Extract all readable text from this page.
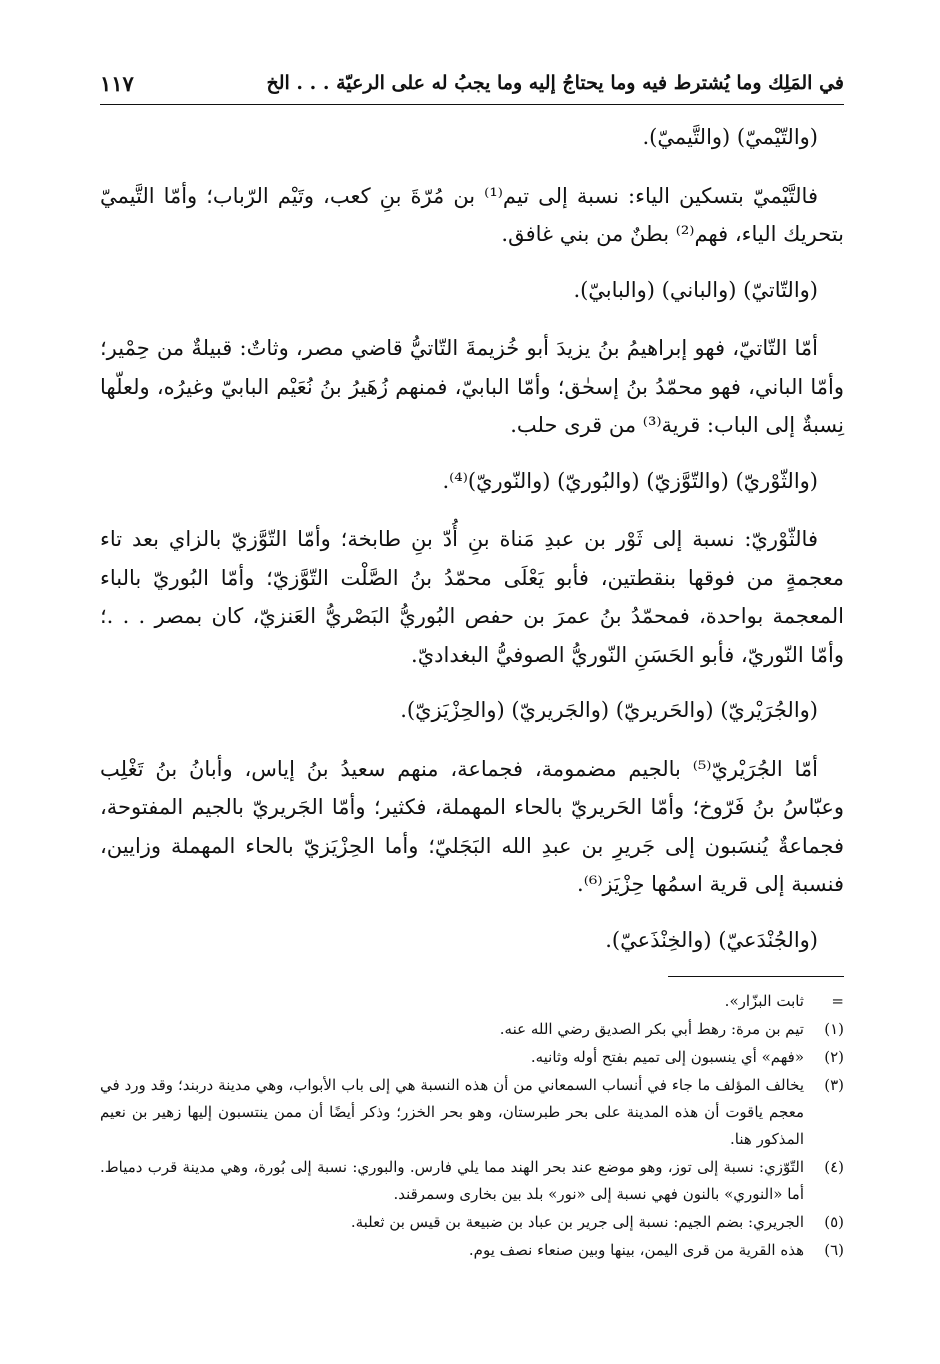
في المَلِك وما يُشترط فيه وما يحتاجُ إليه وما يجبُ له على الرعيّة . . . الخ
١١٧

(والتّيْميّ) (والتَّيميّ).

فالتَّيْميّ بتسكين الياء: نسبة إلى تيم⁽¹⁾ بن مُرّةَ بنِ كعب، وتَيْم الرّباب؛ وأمّا التَّيميّ بتحريك الياء، فهم⁽²⁾ بطنٌ من بني غافق.

(والتّاتيّ) (والباني) (والبابيّ).

أمّا التّاتيّ، فهو إبراهيمُ بنُ يزيدَ أبو خُزيمةَ التّاتيُّ قاضي مصر، وثاتٌ: قبيلةٌ من حِمْير؛ وأمّا الباني، فهو محمّدُ بنُ إسحٰق؛ وأمّا البابيّ، فمنهم زُهَيرُ بنُ نُعَيْم البابيّ وغيرُه، ولعلّها نِسبةٌ إلى الباب: قرية⁽³⁾ من قرى حلب.

(والثّوْريّ) (والتّوَّزيّ) (والبُوريّ) (والنّوريّ)⁽⁴⁾.

فالثّوْريّ: نسبة إلى ثَوْر بن عبدِ مَناة بنِ أُدّ بنِ طابخة؛ وأمّا التّوَّزيّ بالزاي بعد تاء معجمةٍ من فوقها بنقطتين، فأبو يَعْلَى محمّدُ بنُ الصَّلْت التّوَّزيّ؛ وأمّا البُوريّ بالباء المعجمة بواحدة، فمحمّدُ بنُ عمرَ بن حفص البُوريُّ البَصْريُّ العَنزيّ، كان بمصر . . .؛ وأمّا النّوريّ، فأبو الحَسَنِ النّوريُّ الصوفيُّ البغداديّ.

(والجُرَيْريّ) (والحَريريّ) (والجَريريّ) (والحِزْيَزيّ).

أمّا الجُرَيْريّ⁽⁵⁾ بالجيم مضمومة، فجماعة، منهم سعيدُ بنُ إياس، وأبانُ بنُ تَغْلِب وعبّاسُ بنُ فَرّوخ؛ وأمّا الحَريريّ بالحاء المهملة، فكثير؛ وأمّا الجَريريّ بالجيم المفتوحة، فجماعةٌ يُنسَبون إلى جَريرِ بن عبدِ الله البَجَليّ؛ وأما الحِزْيَزيّ بالحاء المهملة وزايين، فنسبة إلى قرية اسمُها حِزْيَز⁽⁶⁾.

(والجُنْدَعيّ) (والخِنْذَعيّ).

=
ثابت البزّار».
(١)
تيم بن مرة: رهط أبي بكر الصديق رضي الله عنه.
(٢)
«فهم» أي ينسبون إلى تميم بفتح أوله وثانيه.
(٣)
يخالف المؤلف ما جاء في أنساب السمعاني من أن هذه النسبة هي إلى باب الأبواب، وهي مدينة دربند؛ وقد ورد في معجم ياقوت أن هذه المدينة على بحر طبرستان، وهو بحر الخزر؛ وذكر أيضًا أن ممن ينتسبون إليها زهير بن نعيم المذكور هنا.
(٤)
التّوّزي: نسبة إلى توز، وهو موضع عند بحر الهند مما يلي فارس. والبوري: نسبة إلى بُورة، وهي مدينة قرب دمياط. أما «النوري» بالنون فهي نسبة إلى «نور» بلد بين بخارى وسمرقند.
(٥)
الجريري: بضم الجيم: نسبة إلى جرير بن عباد بن ضبيعة بن قيس بن ثعلبة.
(٦)
هذه القرية من قرى اليمن، بينها وبين صنعاء نصف يوم.
